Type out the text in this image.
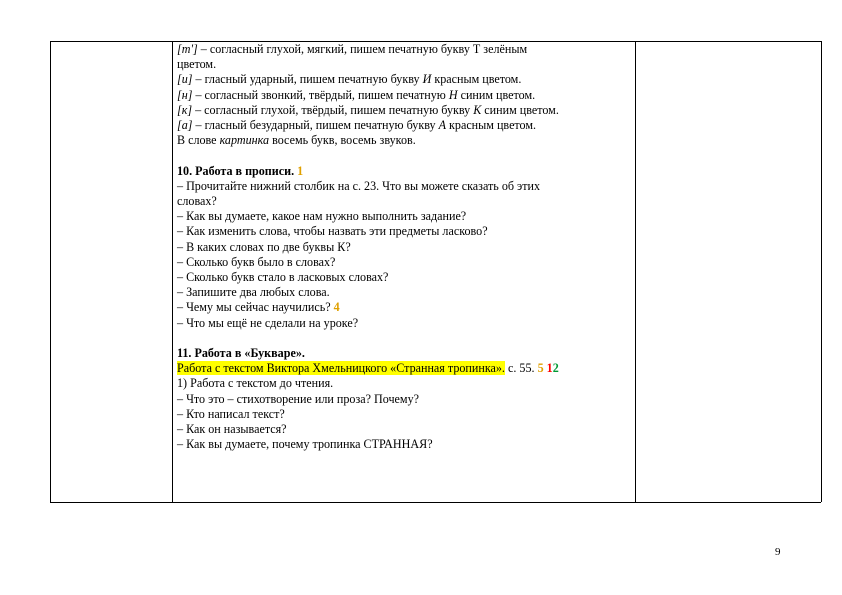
[т'] – согласный глухой, мягкий, пишем печатную букву Т зелёным
цветом.
[и] – гласный ударный, пишем печатную букву И красным цветом.
[н] – согласный звонкий, твёрдый, пишем печатную Н синим цветом.
[к] – согласный глухой, твёрдый, пишем печатную букву К синим цветом.
[а] – гласный безударный, пишем печатную букву А красным цветом.
В слове картинка восемь букв, восемь звуков.
10. Работа в прописи. 1
– Прочитайте нижний столбик на с. 23. Что вы можете сказать об этих
словах?
– Как вы думаете, какое нам нужно выполнить задание?
– Как изменить слова, чтобы назвать эти предметы ласково?
– В каких словах по две буквы К?
– Сколько букв было в словах?
– Сколько букв стало в ласковых словах?
– Запишите два любых слова.
– Чему мы сейчас научились? 4
– Что мы ещё не сделали на уроке?
11. Работа в «Букваре».
Работа с текстом Виктора Хмельницкого «Странная тропинка». с. 55. 5 12
1) Работа с текстом до чтения.
– Что это – стихотворение или проза? Почему?
– Кто написал текст?
– Как он называется?
– Как вы думаете, почему тропинка СТРАННАЯ?
9
